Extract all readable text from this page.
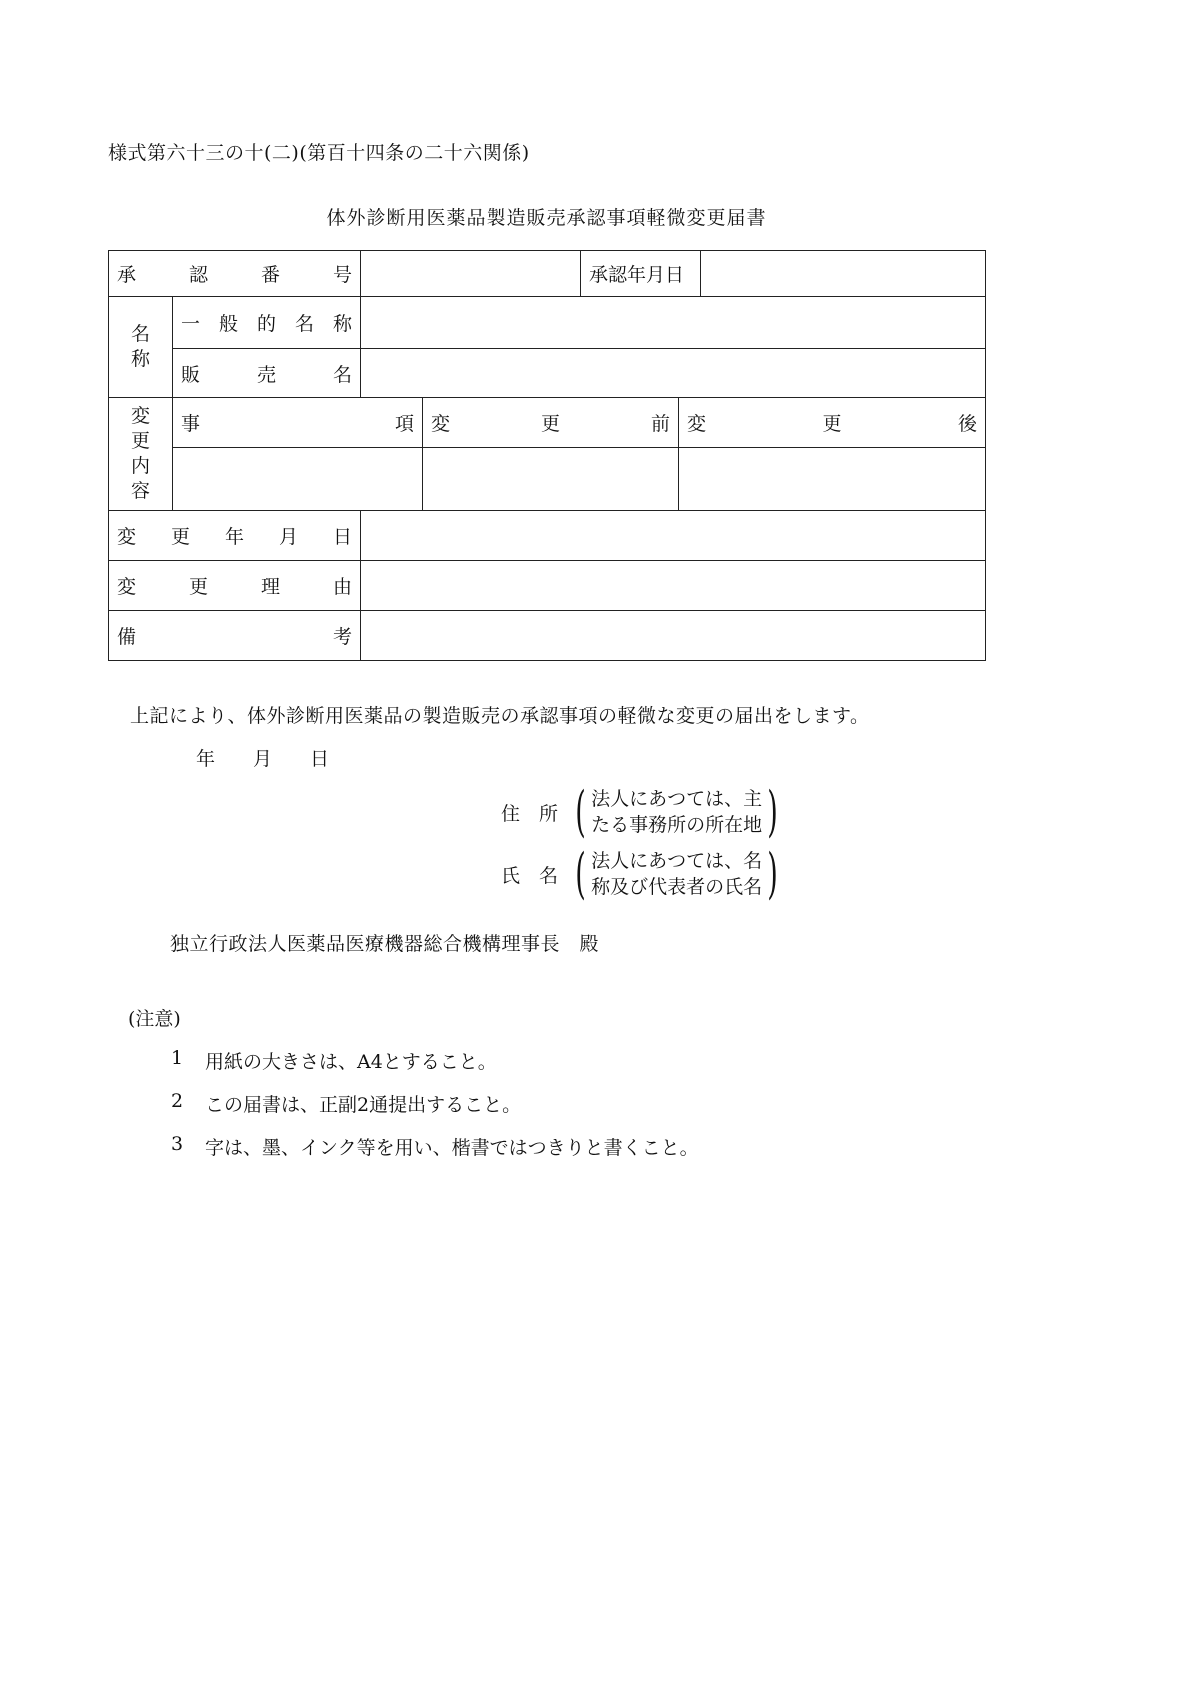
様式第六十三の十(二)(第百十四条の二十六関係)
体外診断用医薬品製造販売承認事項軽微変更届書
承認番号				承認年月日		

名称	一般的名称					
	販売名					

変更内容	事項		変更前		変更後	

変更年月日						
変更理由						
備考						
上記により、体外診断用医薬品の製造販売の承認事項の軽微な変更の届出をします。
年　　月　　日
住　所 ( 法人にあつては、主
たる事務所の所在地 )
氏　名 ( 法人にあつては、名
称及び代表者の氏名 )
独立行政法人医薬品医療機器総合機構理事長　殿
(注意)
1	用紙の大きさは、A4とすること。
2	この届書は、正副2通提出すること。
3	字は、墨、インク等を用い、楷書ではつきりと書くこと。
